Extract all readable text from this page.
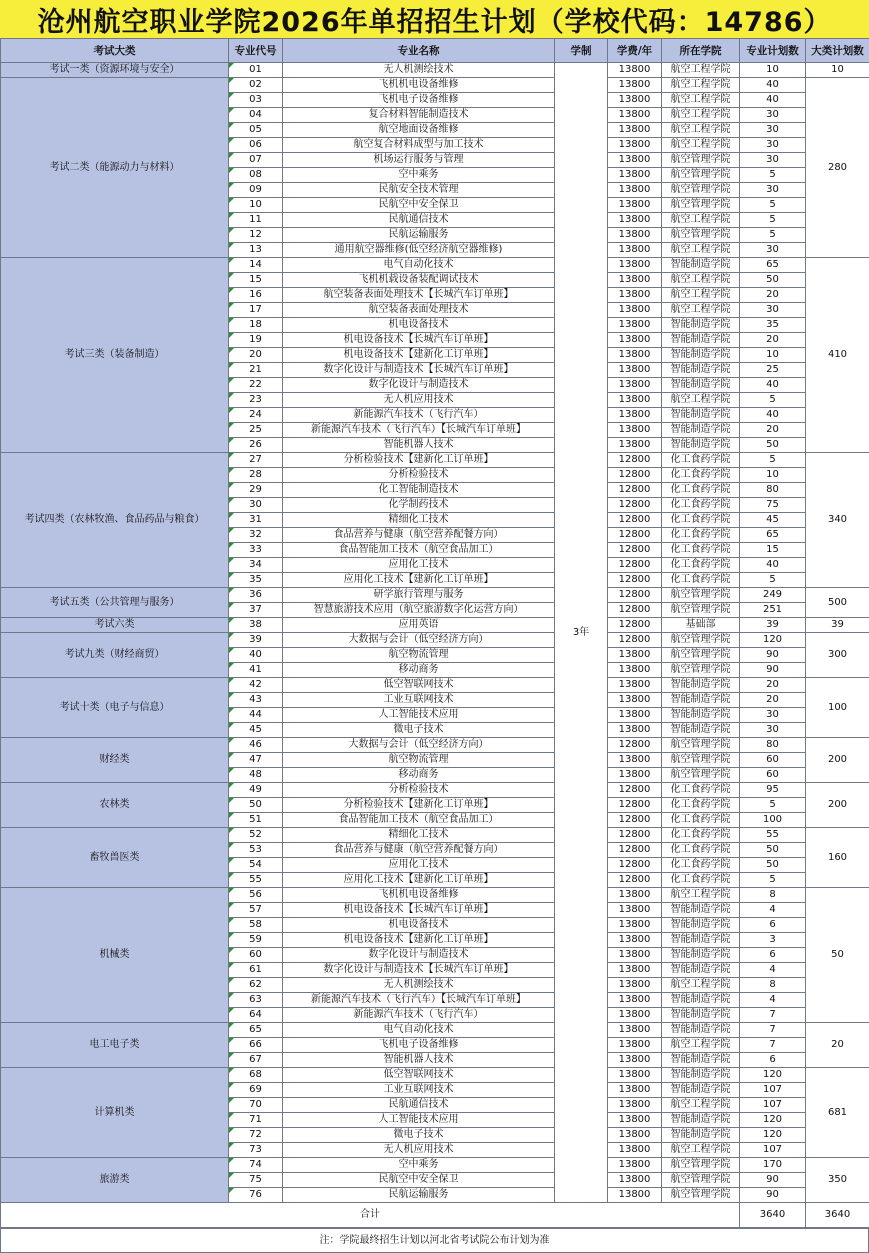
沧州航空职业学院2026年单招招生计划（学校代码：14786）
考试大类	专业代号	专业名称	学制	学费/年	所在学院	专业计划数	大类计划数
考试一类（资源环境与安全）	01	无人机测绘技术	3年	13800	航空工程学院	10	10
考试二类（能源动力与材料）	02	飞机机电设备维修		13800	航空工程学院	40	280
	03	飞机电子设备维修		13800	航空工程学院	40	
	04	复合材料智能制造技术		13800	航空工程学院	30	
	05	航空地面设备维修		13800	航空工程学院	30	
	06	航空复合材料成型与加工技术		13800	航空工程学院	30	
	07	机场运行服务与管理		13800	航空管理学院	30	
	08	空中乘务		13800	航空管理学院	5	
	09	民航安全技术管理		13800	航空管理学院	30	
	10	民航空中安全保卫		13800	航空管理学院	5	
	11	民航通信技术		13800	航空工程学院	5	
	12	民航运输服务		13800	航空管理学院	5	
	13	通用航空器维修(低空经济航空器维修)		13800	航空工程学院	30	
考试三类（装备制造）	14	电气自动化技术		13800	智能制造学院	65	410
	15	飞机机载设备装配调试技术		13800	航空工程学院	50	
	16	航空装备表面处理技术【长城汽车订单班】		13800	航空工程学院	20	
	17	航空装备表面处理技术		13800	航空工程学院	30	
	18	机电设备技术		13800	智能制造学院	35	
	19	机电设备技术【长城汽车订单班】		13800	智能制造学院	20	
	20	机电设备技术【建新化工订单班】		13800	智能制造学院	10	
	21	数字化设计与制造技术【长城汽车订单班】		13800	智能制造学院	25	
	22	数字化设计与制造技术		13800	智能制造学院	40	
	23	无人机应用技术		13800	航空工程学院	5	
	24	新能源汽车技术（飞行汽车）		13800	智能制造学院	40	
	25	新能源汽车技术（飞行汽车）【长城汽车订单班】		13800	智能制造学院	20	
	26	智能机器人技术		13800	智能制造学院	50	
考试四类（农林牧渔、食品药品与粮食）	27	分析检验技术【建新化工订单班】		12800	化工食药学院	5	340
	28	分析检验技术		12800	化工食药学院	10	
	29	化工智能制造技术		12800	化工食药学院	80	
	30	化学制药技术		12800	化工食药学院	75	
	31	精细化工技术		12800	化工食药学院	45	
	32	食品营养与健康（航空营养配餐方向）		12800	化工食药学院	65	
	33	食品智能加工技术（航空食品加工）		12800	化工食药学院	15	
	34	应用化工技术		12800	化工食药学院	40	
	35	应用化工技术【建新化工订单班】		12800	化工食药学院	5	
考试五类（公共管理与服务）	36	研学旅行管理与服务		12800	航空管理学院	249	500
	37	智慧旅游技术应用（航空旅游数字化运营方向）		12800	航空管理学院	251	
考试六类	38	应用英语		12800	基础部	39	39
考试九类（财经商贸）	39	大数据与会计（低空经济方向）		12800	航空管理学院	120	300
	40	航空物流管理		13800	航空管理学院	90	
	41	移动商务		13800	航空管理学院	90	
考试十类（电子与信息）	42	低空智联网技术		13800	智能制造学院	20	100
	43	工业互联网技术		13800	智能制造学院	20	
	44	人工智能技术应用		13800	智能制造学院	30	
	45	微电子技术		13800	智能制造学院	30	
财经类	46	大数据与会计（低空经济方向）		12800	航空管理学院	80	200
	47	航空物流管理		13800	航空管理学院	60	
	48	移动商务		13800	航空管理学院	60	
农林类	49	分析检验技术		12800	化工食药学院	95	200
	50	分析检验技术【建新化工订单班】		12800	化工食药学院	5	
	51	食品智能加工技术（航空食品加工）		12800	化工食药学院	100	
畜牧兽医类	52	精细化工技术		12800	化工食药学院	55	160
	53	食品营养与健康（航空营养配餐方向）		12800	化工食药学院	50	
	54	应用化工技术		12800	化工食药学院	50	
	55	应用化工技术【建新化工订单班】		12800	化工食药学院	5	
机械类	56	飞机机电设备维修		13800	航空工程学院	8	50
	57	机电设备技术【长城汽车订单班】		13800	智能制造学院	4	
	58	机电设备技术		13800	智能制造学院	6	
	59	机电设备技术【建新化工订单班】		13800	智能制造学院	3	
	60	数字化设计与制造技术		13800	智能制造学院	6	
	61	数字化设计与制造技术【长城汽车订单班】		13800	智能制造学院	4	
	62	无人机测绘技术		13800	航空工程学院	8	
	63	新能源汽车技术（飞行汽车）【长城汽车订单班】		13800	智能制造学院	4	
	64	新能源汽车技术（飞行汽车）		13800	智能制造学院	7	
电工电子类	65	电气自动化技术		13800	智能制造学院	7	20
	66	飞机电子设备维修		13800	航空工程学院	7	
	67	智能机器人技术		13800	智能制造学院	6	
计算机类	68	低空智联网技术		13800	智能制造学院	120	681
	69	工业互联网技术		13800	智能制造学院	107	
	70	民航通信技术		13800	航空工程学院	107	
	71	人工智能技术应用		13800	智能制造学院	120	
	72	微电子技术		13800	智能制造学院	120	
	73	无人机应用技术		13800	航空工程学院	107	
旅游类	74	空中乘务		13800	航空管理学院	170	350
	75	民航空中安全保卫		13800	航空管理学院	90	
	76	民航运输服务		13800	航空管理学院	90	
合计						3640	3640
注：学院最终招生计划以河北省考试院公布计划为准
